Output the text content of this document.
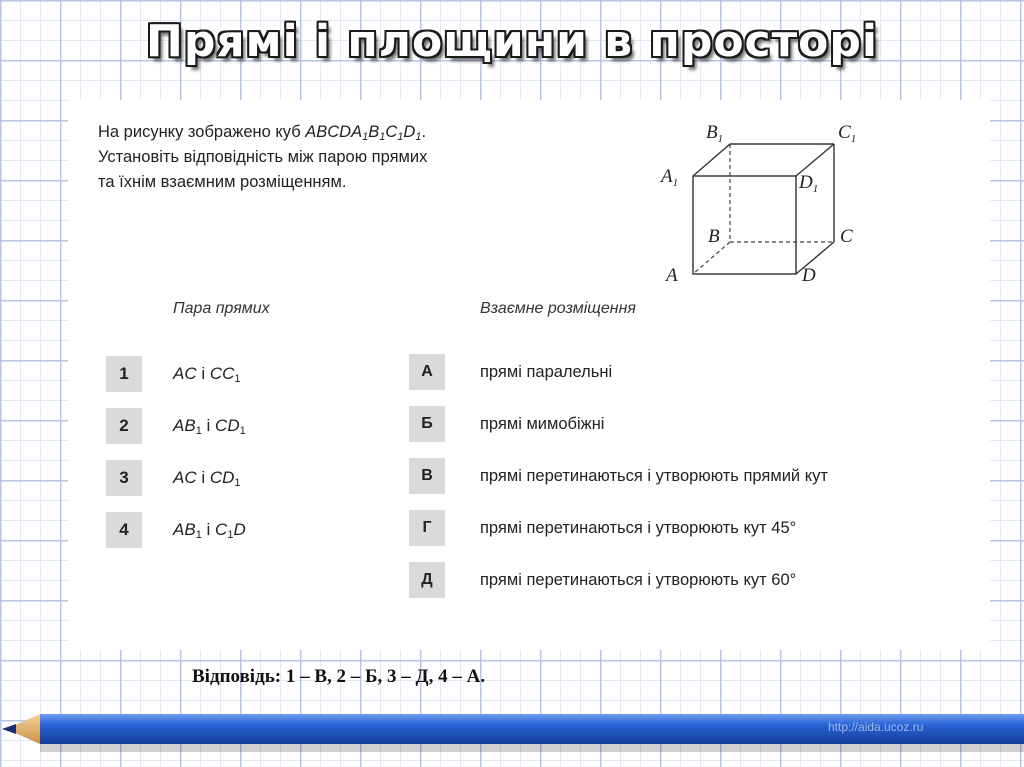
Прямі і площини в просторі
На рисунку зображено куб $ABCDA_1B_1C_1D_1$.
Установіть відповідність між парою прямих
та їхнім взаємним розміщенням.
$B_1$	$C_1$
$A_1$	$D_1$
B	C
A	D
Пара прямих	Взаємне розміщення
1	AC і $CC_1$
2	$AB_1$ і $CD_1$
3	AC і $CD_1$
4	$AB_1$ і $C_1D$
А	прямі паралельні
Б	прямі мимобіжні
В	прямі перетинаються і утворюють прямий кут
Г	прямі перетинаються і утворюють кут 45°
Д	прямі перетинаються і утворюють кут 60°
Відповідь: 1 – В, 2 – Б, 3 – Д, 4 – А.
http://aida.ucoz.ru
